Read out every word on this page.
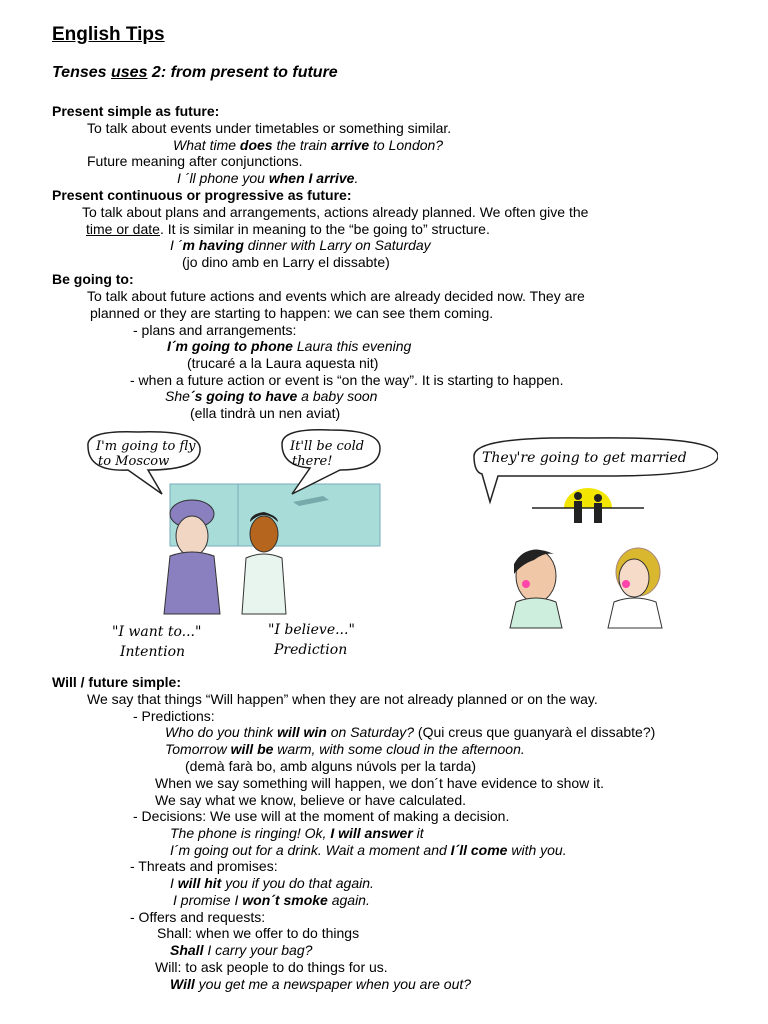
English Tips
Tenses uses 2: from present to future
Present simple as future:
To talk about events under timetables or something similar.
What time does the train arrive to London?
Future meaning after conjunctions.
I ´ll phone you when I arrive.
Present continuous or progressive as future:
To talk about plans and arrangements, actions already planned. We often give the
time or date. It is similar in meaning to the “be going to” structure.
I ´m having dinner with Larry on Saturday
(jo dino amb en Larry el dissabte)
Be going to:
To talk about future actions and events which are already decided now. They are
planned or they are starting to happen: we can see them coming.
- plans and arrangements:
I´m going to phone Laura this evening
(trucaré a la Laura aquesta nit)
- when a future action or event is “on the way”. It is starting to happen.
She´s going to have a baby soon
(ella tindrà un nen aviat)
I'm going to fly
to Moscow
It'll be cold
there!
"I want to..."
Intention
"I believe..."
Prediction
They're going to get married
Will / future simple:
We say that things “Will happen” when they are not already planned or on the way.
- Predictions:
Who do you think will win on Saturday? (Qui creus que guanyarà el dissabte?)
Tomorrow will be warm, with some cloud in the afternoon.
(demà farà bo, amb alguns núvols per la tarda)
When we say something will happen, we don´t have evidence to show it.
We say what we know, believe or have calculated.
- Decisions: We use will at the moment of making a decision.
The phone is ringing! Ok, I will answer it
I´m going out for a drink. Wait a moment and I´ll come with you.
- Threats and promises:
I will hit you if you do that again.
I promise I won´t smoke again.
- Offers and requests:
Shall: when we offer to do things
Shall I carry your bag?
Will: to ask people to do things for us.
Will you get me a newspaper when you are out?
